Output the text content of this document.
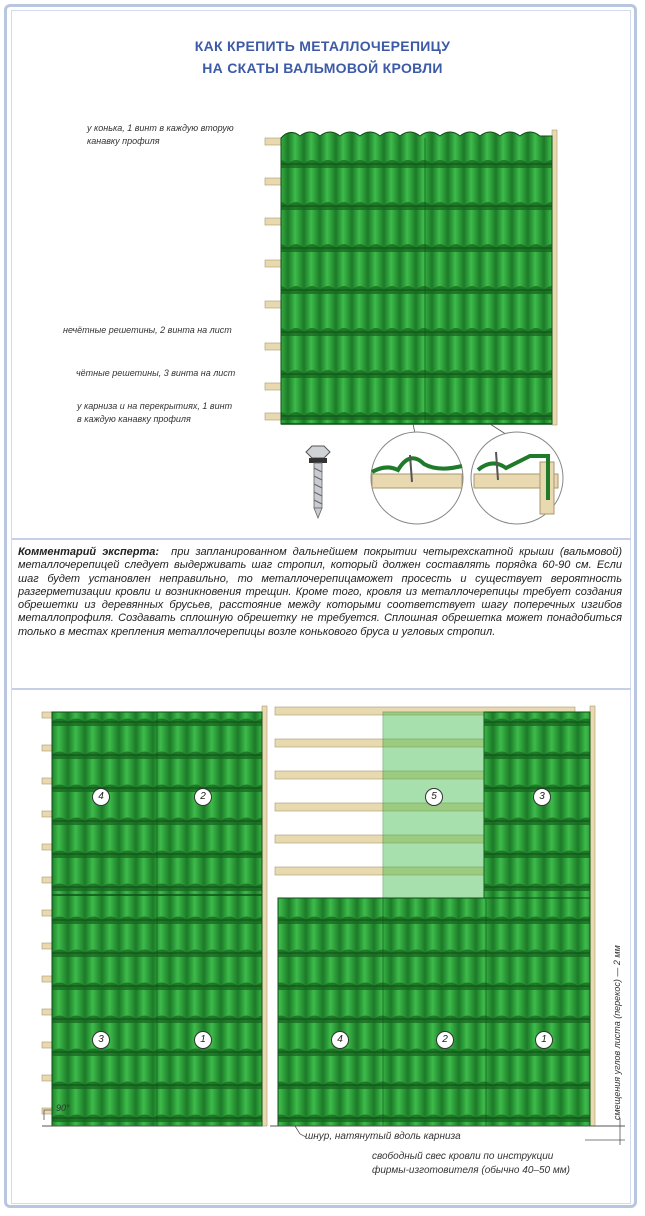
КАК КРЕПИТЬ МЕТАЛЛОЧЕРЕПИЦУ
НА СКАТЫ ВАЛЬМОВОЙ КРОВЛИ
у конька, 1 винт в каждую вторую
канавку профиля
нечётные решетины, 2 винта на лист
чётные решетины, 3 винта на лист
у карниза и на перекрытиях, 1 винт
в каждую канавку профиля
Комментарий эксперта: при запланированном дальнейшем покрытии четырехскатной крыши (вальмовой) металлочерепицей следует выдерживать шаг стропил, который должен составлять порядка 60-90 см. Если шаг будет установлен неправильно, то металлочерепицаможет просесть и существует вероятность разгерметизации кровли и возникновения трещин. Кроме того, кровля из металлочерепицы требует создания обрешетки из деревянных брусьев, расстояние между которыми соответствует шагу поперечных изгибов металлопрофиля. Создавать сплошную обрешетку не требуется. Сплошная обрешетка может понадобиться только в местах крепления металлочерепицы возле конькового бруса и угловых стропил.
4	2
3	1
5	3
4	2	1
90°
шнур, натянутый вдоль карниза
свободный свес кровли по инструкции
фирмы-изготовителя (обычно 40–50 мм)
смещения углов листа (перекос) — 2 мм
